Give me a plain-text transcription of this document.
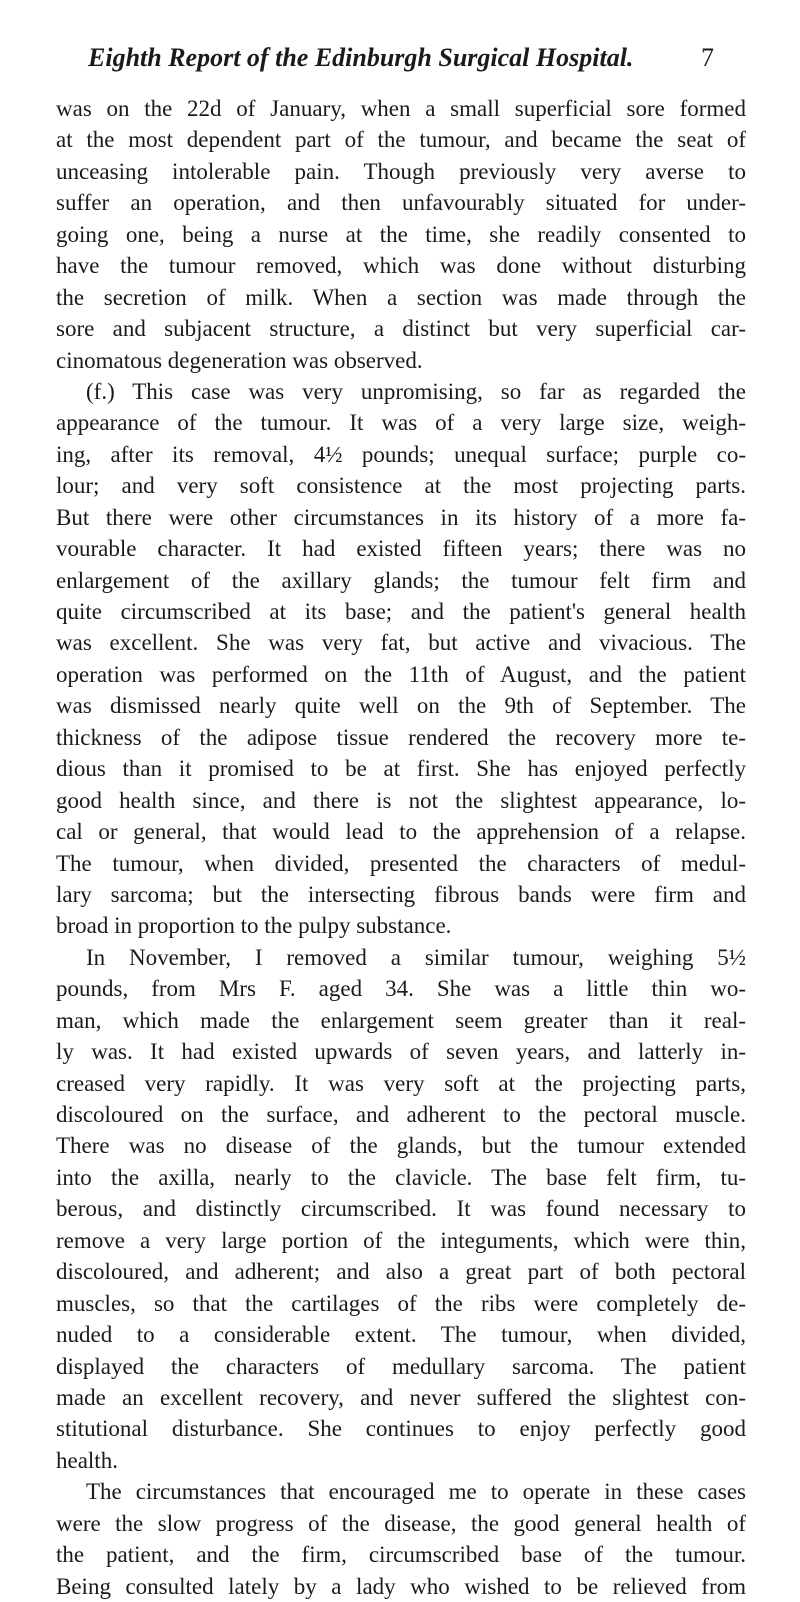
Eighth Report of the Edinburgh Surgical Hospital.	7
was on the 22d of January, when a small superficial sore formed
at the most dependent part of the tumour, and became the seat of
unceasing intolerable pain. Though previously very averse to
suffer an operation, and then unfavourably situated for under-
going one, being a nurse at the time, she readily consented to
have the tumour removed, which was done without disturbing
the secretion of milk. When a section was made through the
sore and subjacent structure, a distinct but very superficial car-
cinomatous degeneration was observed.
(f.) This case was very unpromising, so far as regarded the
appearance of the tumour. It was of a very large size, weigh-
ing, after its removal, 4½ pounds; unequal surface; purple co-
lour; and very soft consistence at the most projecting parts.
But there were other circumstances in its history of a more fa-
vourable character. It had existed fifteen years; there was no
enlargement of the axillary glands; the tumour felt firm and
quite circumscribed at its base; and the patient's general health
was excellent. She was very fat, but active and vivacious. The
operation was performed on the 11th of August, and the patient
was dismissed nearly quite well on the 9th of September. The
thickness of the adipose tissue rendered the recovery more te-
dious than it promised to be at first. She has enjoyed perfectly
good health since, and there is not the slightest appearance, lo-
cal or general, that would lead to the apprehension of a relapse.
The tumour, when divided, presented the characters of medul-
lary sarcoma; but the intersecting fibrous bands were firm and
broad in proportion to the pulpy substance.
In November, I removed a similar tumour, weighing 5½
pounds, from Mrs F. aged 34. She was a little thin wo-
man, which made the enlargement seem greater than it real-
ly was. It had existed upwards of seven years, and latterly in-
creased very rapidly. It was very soft at the projecting parts,
discoloured on the surface, and adherent to the pectoral muscle.
There was no disease of the glands, but the tumour extended
into the axilla, nearly to the clavicle. The base felt firm, tu-
berous, and distinctly circumscribed. It was found necessary to
remove a very large portion of the integuments, which were thin,
discoloured, and adherent; and also a great part of both pectoral
muscles, so that the cartilages of the ribs were completely de-
nuded to a considerable extent. The tumour, when divided,
displayed the characters of medullary sarcoma. The patient
made an excellent recovery, and never suffered the slightest con-
stitutional disturbance. She continues to enjoy perfectly good
health.
The circumstances that encouraged me to operate in these cases
were the slow progress of the disease, the good general health of
the patient, and the firm, circumscribed base of the tumour.
Being consulted lately by a lady who wished to be relieved from
